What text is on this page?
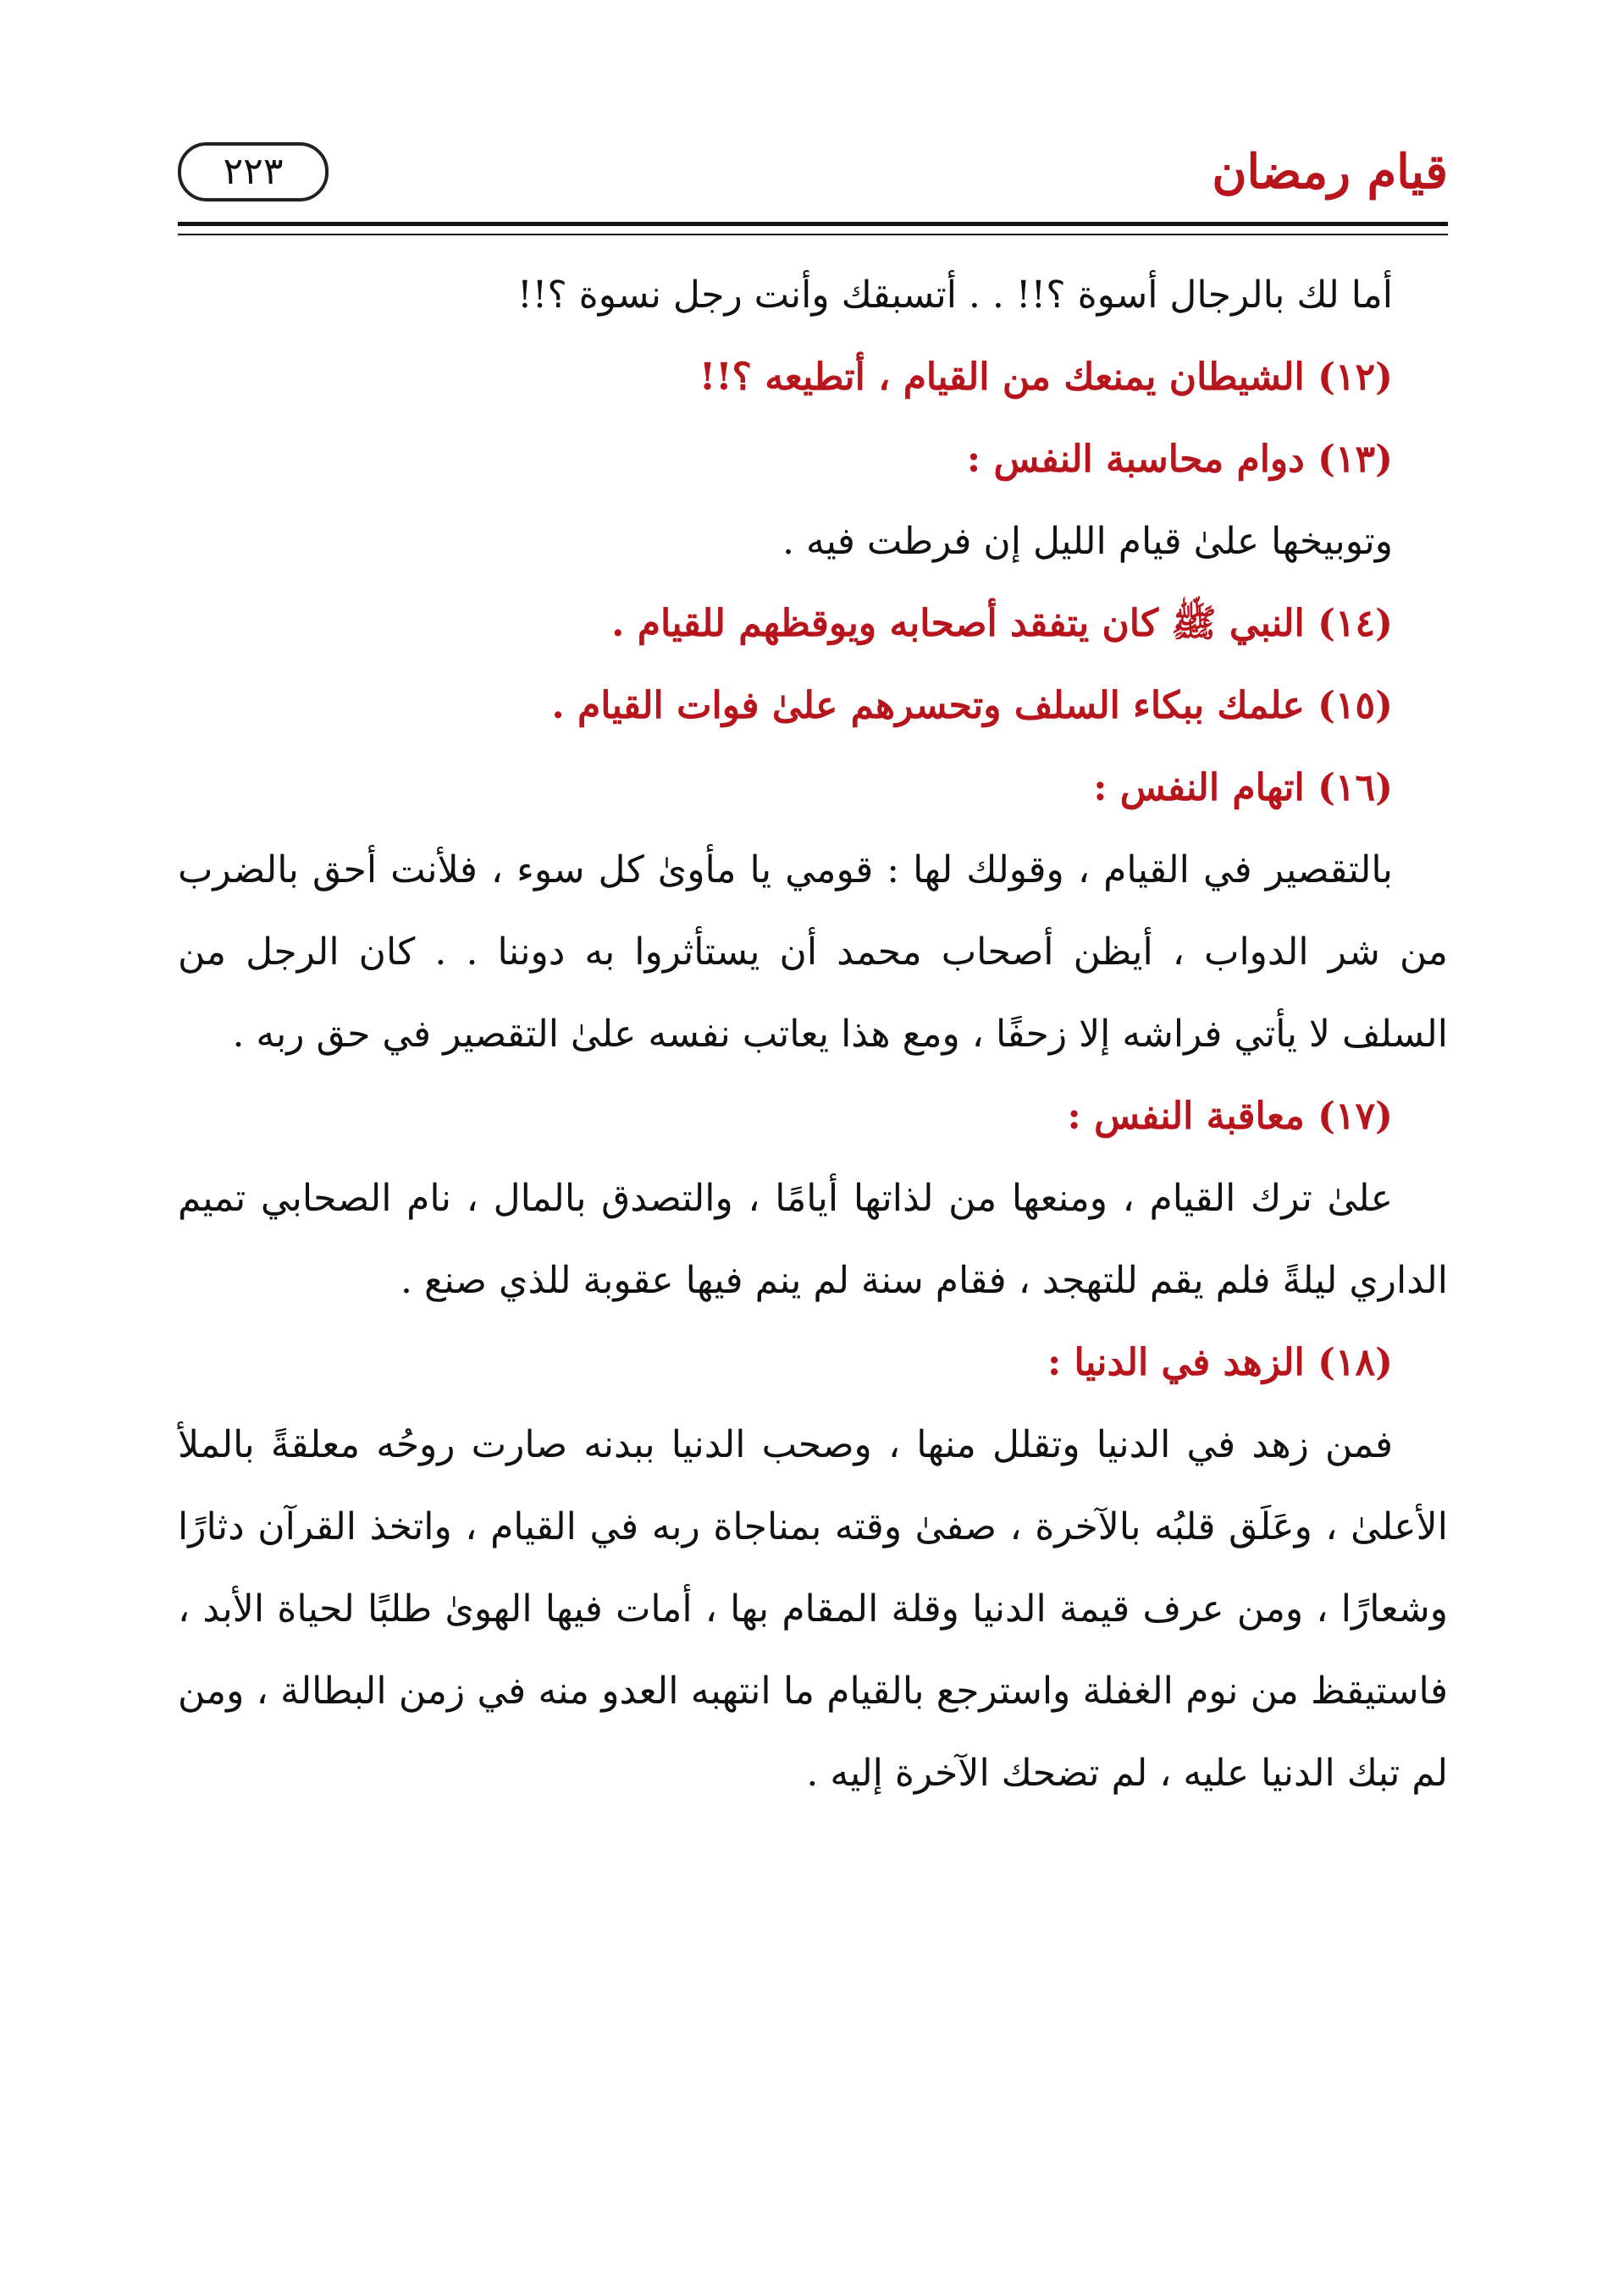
قيام رمضان
٢٢٣

أما لك بالرجال أسوة ؟!! . . أتسبقك وأنت رجل نسوة ؟!!

(١٢) الشيطان يمنعك من القيام ، أتطيعه ؟!!

(١٣) دوام محاسبة النفس :

وتوبيخها علىٰ قيام الليل إن فرطت فيه .

(١٤) النبي ﷺ كان يتفقد أصحابه ويوقظهم للقيام .

(١٥) علمك ببكاء السلف وتحسرهم علىٰ فوات القيام .

(١٦) اتهام النفس :

بالتقصير في القيام ، وقولك لها : قومي يا مأوىٰ كل سوء ، فلأنت أحق بالضرب من شر الدواب ، أيظن أصحاب محمد أن يستأثروا به دوننا . . كان الرجل من السلف لا يأتي فراشه إلا زحفًا ، ومع هذا يعاتب نفسه علىٰ التقصير في حق ربه .

(١٧) معاقبة النفس :

علىٰ ترك القيام ، ومنعها من لذاتها أيامًا ، والتصدق بالمال ، نام الصحابي تميم الداري ليلةً فلم يقم للتهجد ، فقام سنة لم ينم فيها عقوبة للذي صنع .

(١٨) الزهد في الدنيا :

فمن زهد في الدنيا وتقلل منها ، وصحب الدنيا ببدنه صارت روحُه معلقةً بالملأ الأعلىٰ ، وعَلَق قلبُه بالآخرة ، صفىٰ وقته بمناجاة ربه في القيام ، واتخذ القرآن دثارًا وشعارًا ، ومن عرف قيمة الدنيا وقلة المقام بها ، أمات فيها الهوىٰ طلبًا لحياة الأبد ، فاستيقظ من نوم الغفلة واسترجع بالقيام ما انتهبه العدو منه في زمن البطالة ، ومن لم تبك الدنيا عليه ، لم تضحك الآخرة إليه .
